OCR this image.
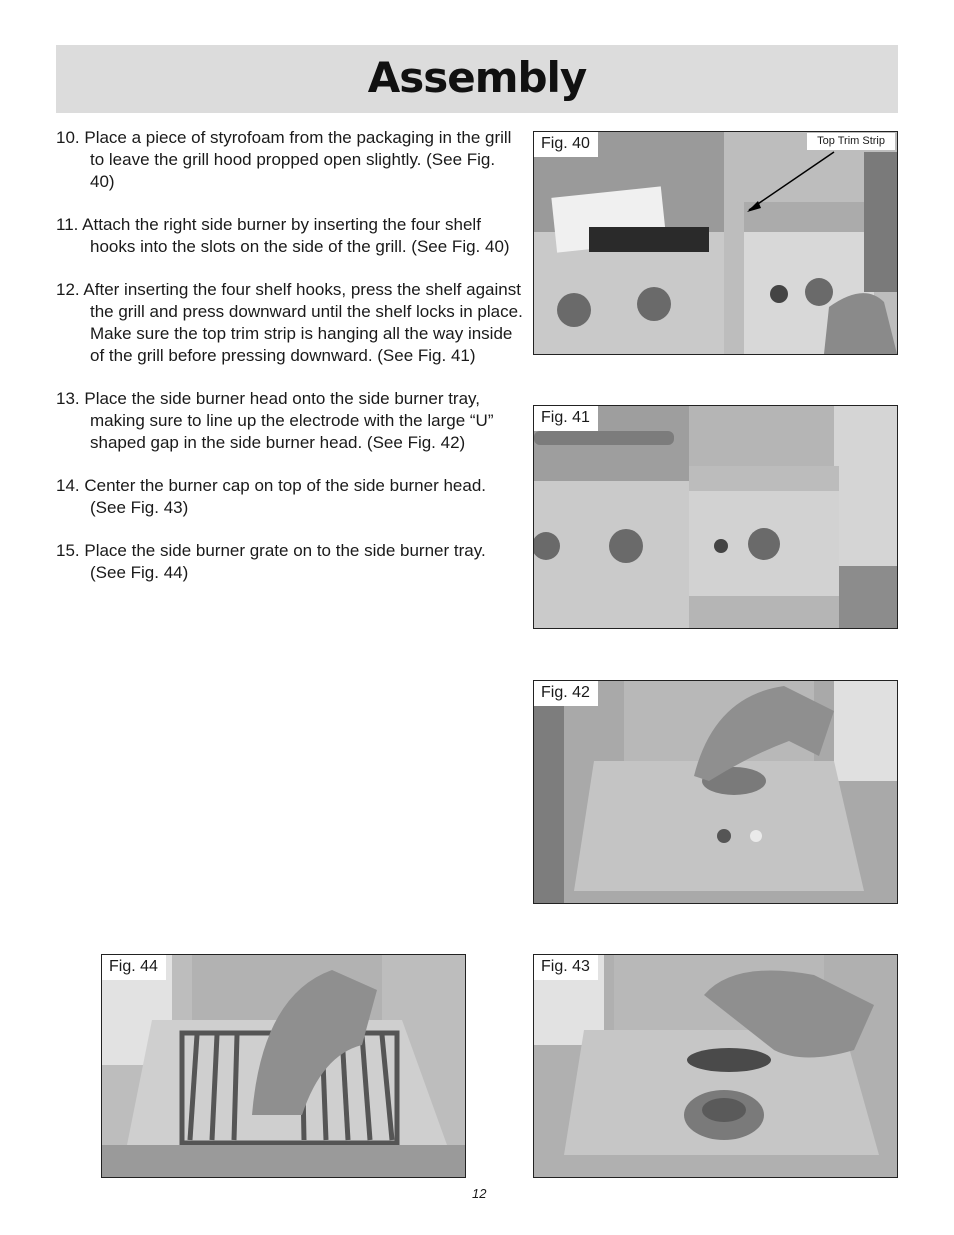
Assembly
10. Place a piece of styrofoam from the packaging in the grill to leave the grill hood propped open slightly. (See Fig. 40)
11. Attach the right side burner by inserting the four shelf hooks into the slots on the side of the grill. (See Fig. 40)
12. After inserting the four shelf hooks, press the shelf against the grill and press downward until the shelf locks in place. Make sure the top trim strip is hanging all the way inside of the grill before pressing downward. (See Fig. 41)
13. Place the side burner head onto the side burner tray, making sure to line up the electrode with the large “U” shaped gap in the side burner head. (See Fig. 42)
14. Center the burner cap on top of the side burner head. (See Fig. 43)
15. Place the side burner grate on to the side burner tray. (See Fig. 44)
Fig. 40	Top Trim Strip
Fig. 41
Fig. 42
Fig. 44	Fig. 43
12
